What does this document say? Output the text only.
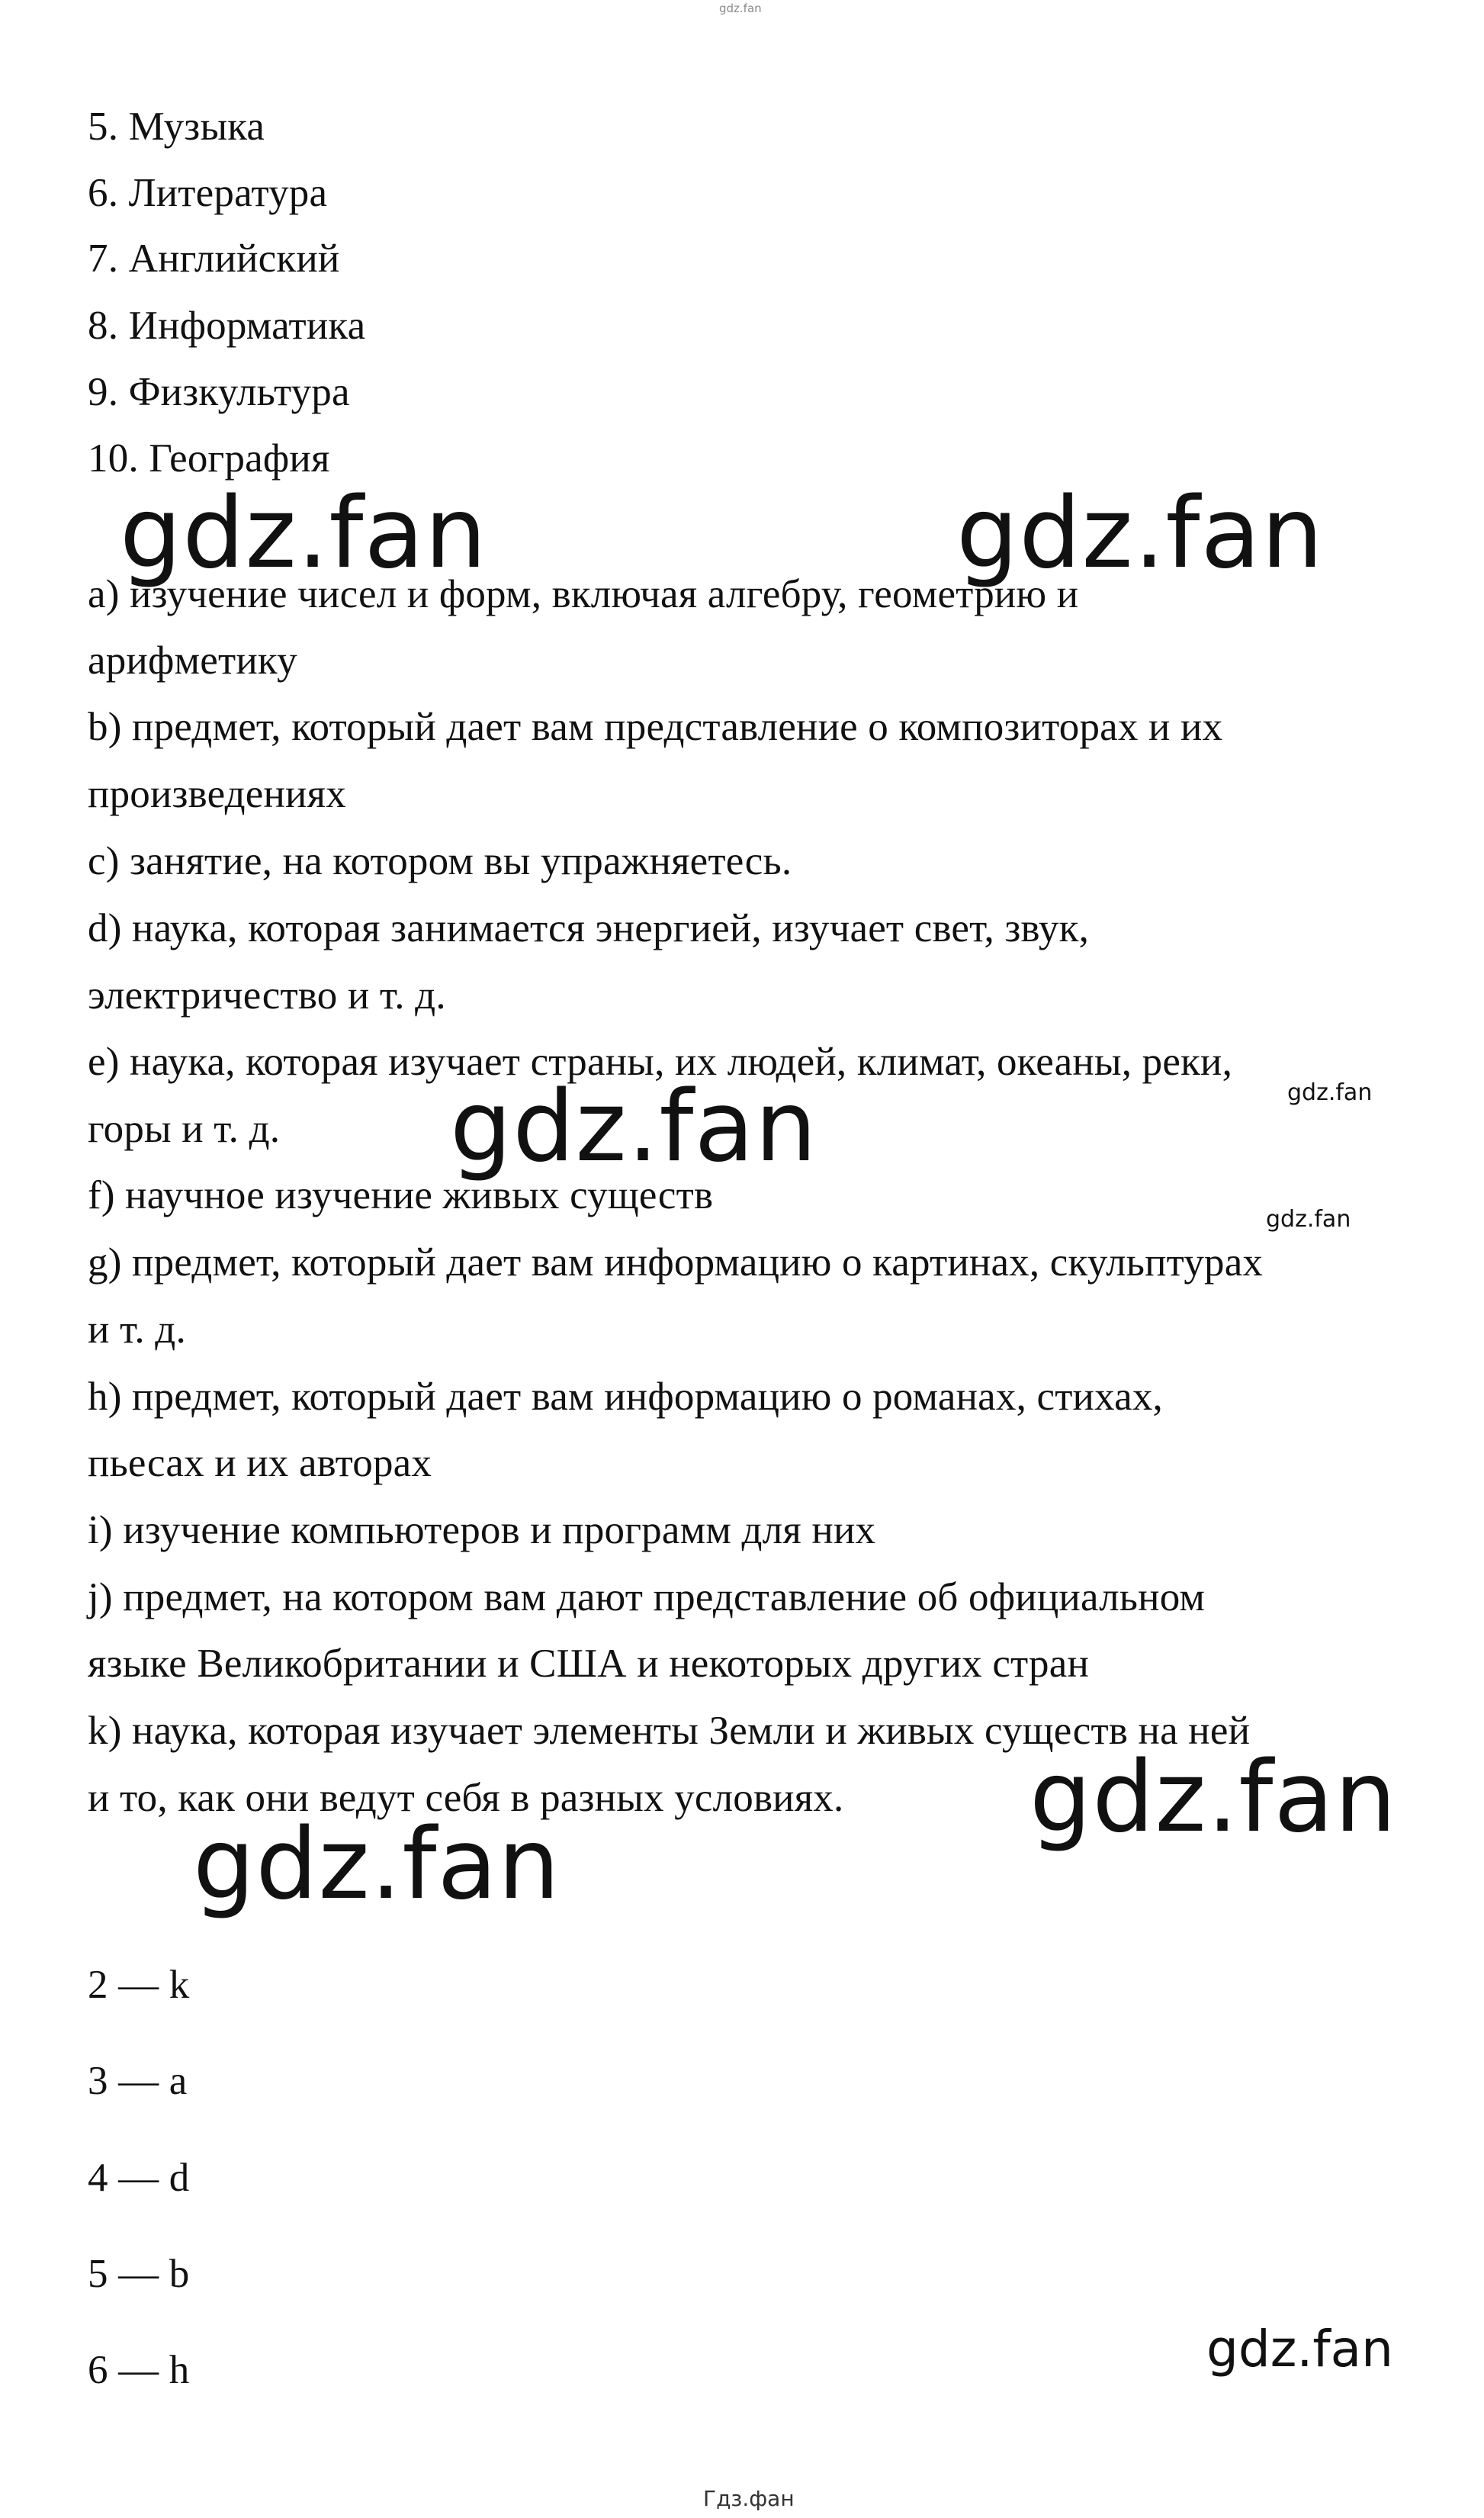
gdz.fan
5. Музыка
6. Литература
7. Английский
8. Информатика
9. Физкультура
10. География
a) изучение чисел и форм, включая алгебру, геометрию и
арифметику
b) предмет, который дает вам представление о композиторах и их
произведениях
c) занятие, на котором вы упражняетесь.
d) наука, которая занимается энергией, изучает свет, звук,
электричество и т. д.
e) наука, которая изучает страны, их людей, климат, океаны, реки,
горы и т. д.
f) научное изучение живых существ
g) предмет, который дает вам информацию о картинах, скульптурах
и т. д.
h) предмет, который дает вам информацию о романах, стихах,
пьесах и их авторах
i) изучение компьютеров и программ для них
j) предмет, на котором вам дают представление об официальном
языке Великобритании и США и некоторых других стран
k) наука, которая изучает элементы Земли и живых существ на ней
и то, как они ведут себя в разных условиях.
2 — k
3 — a
4 — d
5 — b
6 — h
gdz.fan	gdz.fan
gdz.fan
gdz.fan
gdz.fan
gdz.fan
gdz.fan
gdz.fan
Гдз.фан
